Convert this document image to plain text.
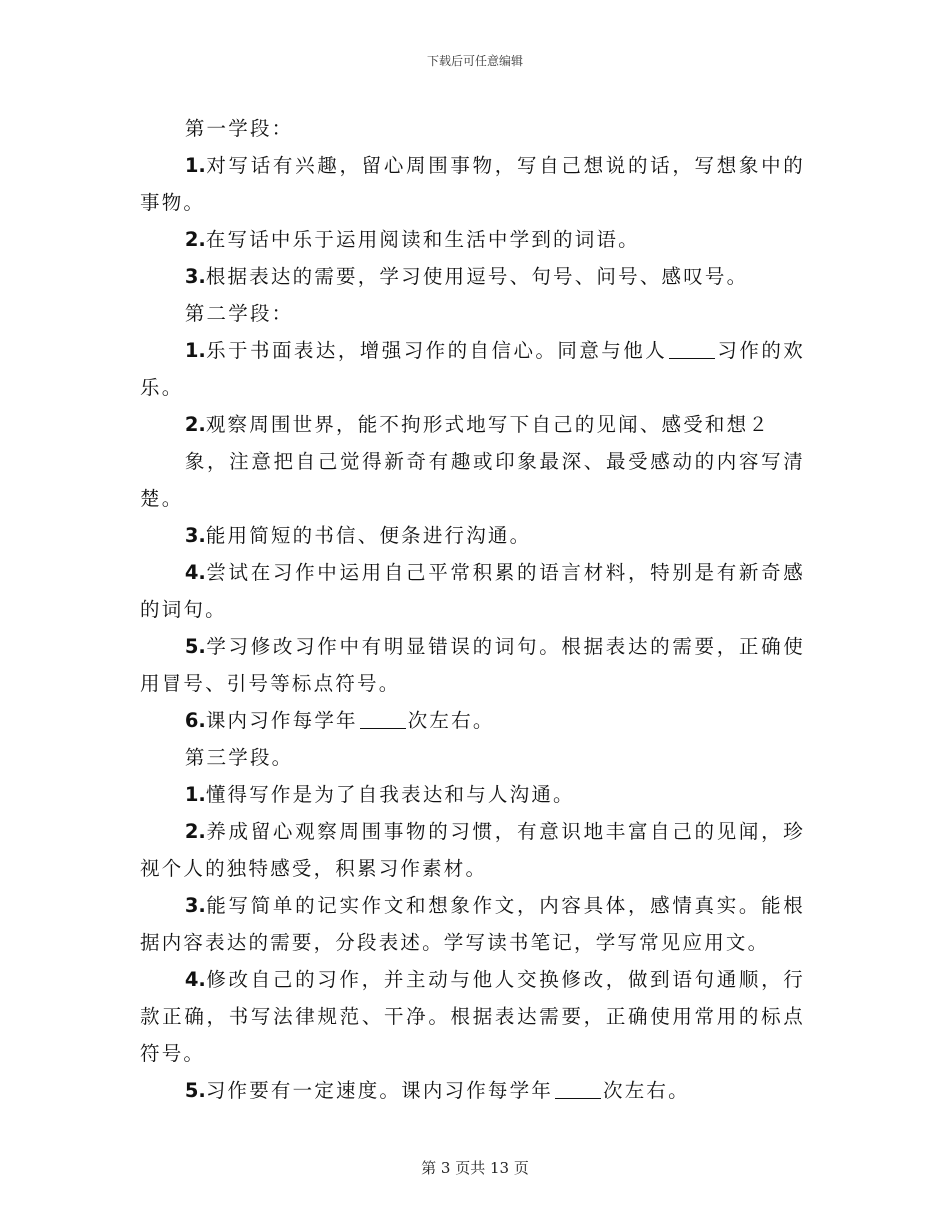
下载后可任意编辑

第一学段：

1.对写话有兴趣，留心周围事物，写自己想说的话，写想象中的事物。

2.在写话中乐于运用阅读和生活中学到的词语。

3.根据表达的需要，学习使用逗号、句号、问号、感叹号。

第二学段：

1.乐于书面表达，增强习作的自信心。同意与他人	习作的欢乐。

2.观察周围世界，能不拘形式地写下自己的见闻、感受和想２

象，注意把自己觉得新奇有趣或印象最深、最受感动的内容写清楚。

3.能用简短的书信、便条进行沟通。

4.尝试在习作中运用自己平常积累的语言材料，特别是有新奇感的词句。

5.学习修改习作中有明显错误的词句。根据表达的需要，正确使用冒号、引号等标点符号。

6.课内习作每学年	次左右。

第三学段。

1.懂得写作是为了自我表达和与人沟通。

2.养成留心观察周围事物的习惯，有意识地丰富自己的见闻，珍视个人的独特感受，积累习作素材。

3.能写简单的记实作文和想象作文，内容具体，感情真实。能根据内容表达的需要，分段表述。学写读书笔记，学写常见应用文。

4.修改自己的习作，并主动与他人交换修改，做到语句通顺，行款正确，书写法律规范、干净。根据表达需要，正确使用常用的标点符号。

5.习作要有一定速度。课内习作每学年	次左右。

第 3 页共 13 页
